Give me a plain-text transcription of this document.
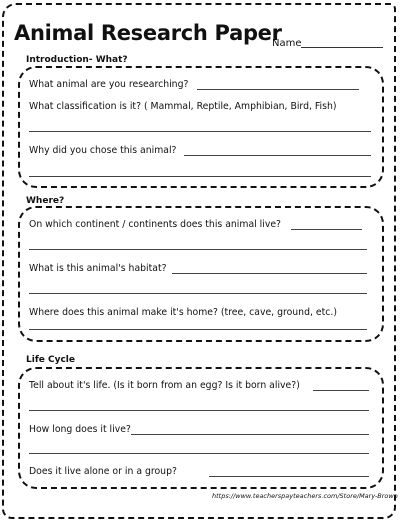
Animal Research Paper
Name
Introduction- What?
What animal are you researching?
What classification is it? ( Mammal, Reptile, Amphibian, Bird, Fish)
Why did you chose this animal?
Where?
On which continent / continents does this animal live?
What is this animal's habitat?
Where does this animal make it's home? (tree, cave, ground, etc.)
Life Cycle
Tell about it's life. (Is it born from an egg? Is it born alive?)
How long does it live?
Does it live alone or in a group?
https://www.teacherspayteachers.com/Store/Mary-Brown
